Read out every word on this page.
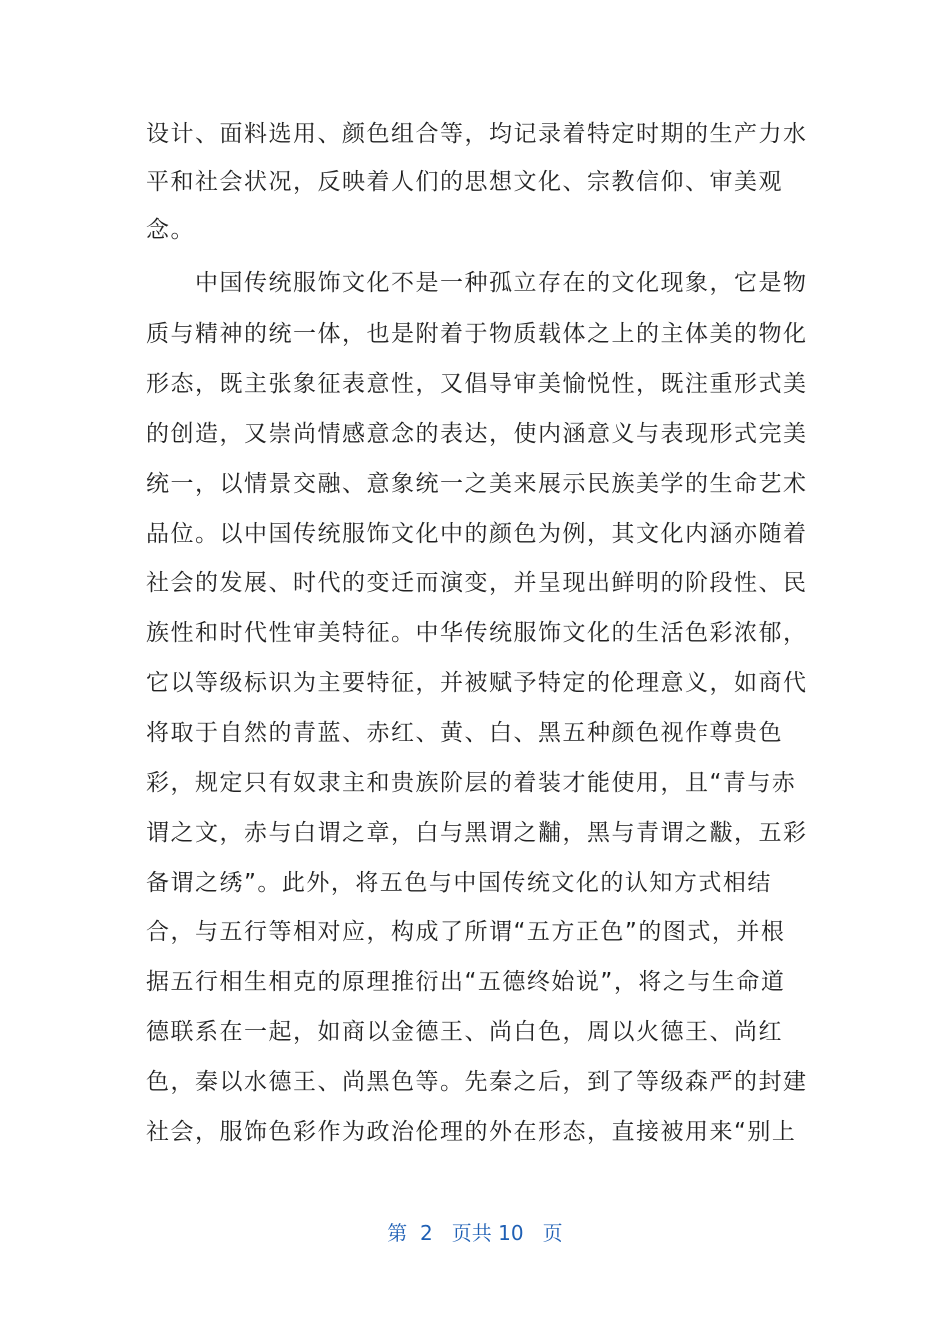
设计、面料选用、颜色组合等，均记录着特定时期的生产力水
平和社会状况，反映着人们的思想文化、宗教信仰、审美观
念。
　　中国传统服饰文化不是一种孤立存在的文化现象，它是物
质与精神的统一体，也是附着于物质载体之上的主体美的物化
形态，既主张象征表意性，又倡导审美愉悦性，既注重形式美
的创造，又崇尚情感意念的表达，使内涵意义与表现形式完美
统一，以情景交融、意象统一之美来展示民族美学的生命艺术
品位。以中国传统服饰文化中的颜色为例，其文化内涵亦随着
社会的发展、时代的变迁而演变，并呈现出鲜明的阶段性、民
族性和时代性审美特征。中华传统服饰文化的生活色彩浓郁，
它以等级标识为主要特征，并被赋予特定的伦理意义，如商代
将取于自然的青蓝、赤红、黄、白、黑五种颜色视作尊贵色
彩，规定只有奴隶主和贵族阶层的着装才能使用，且“青与赤
谓之文，赤与白谓之章，白与黑谓之黼，黑与青谓之黻，五彩
备谓之绣”。此外，将五色与中国传统文化的认知方式相结
合，与五行等相对应，构成了所谓“五方正色”的图式，并根
据五行相生相克的原理推衍出“五德终始说”，将之与生命道
德联系在一起，如商以金德王、尚白色，周以火德王、尚红
色，秦以水德王、尚黑色等。先秦之后，到了等级森严的封建
社会，服饰色彩作为政治伦理的外在形态，直接被用来“别上
第  2   页共 10   页
